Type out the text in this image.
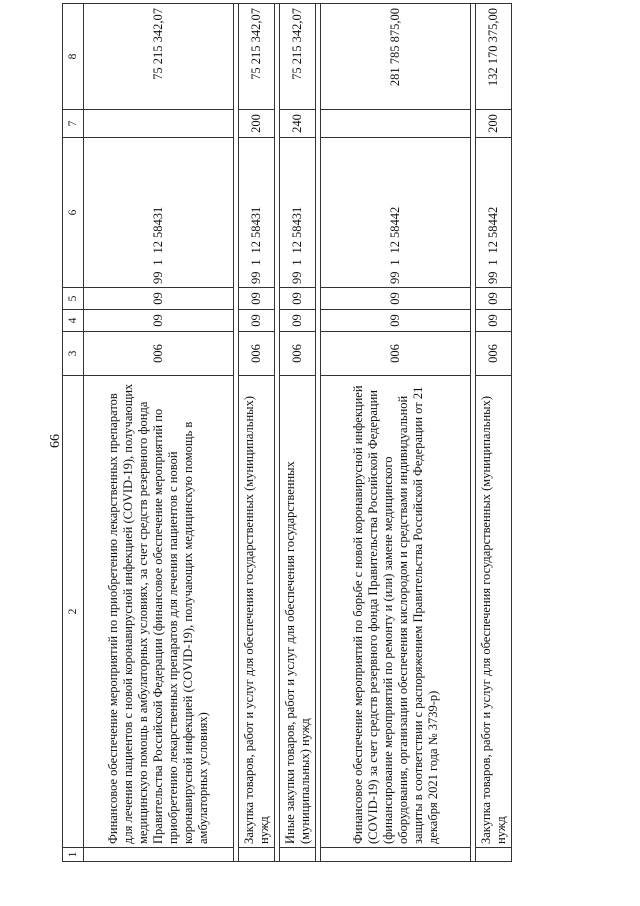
66
1	2	3	4	5	6	7	8
	Финансовое обеспечение мероприятий по приобретению лекарственных препаратов для лечения пациентов с новой коронавирусной инфекцией (COVID-19), получающих медицинскую помощь в амбулаторных условиях, за счет средств резервного фонда Правительства Российской Федерации (финансовое обеспечение мероприятий по приобретению лекарственных препаратов для лечения пациентов с новой коронавирусной инфекцией (COVID-19), получающих медицинскую помощь в амбулаторных условиях)	006	09	09	9911258431		75 215 342,07

	Закупка товаров, работ и услуг для обеспечения государственных (муниципальных) нужд	006	09	09	9911258431	200	75 215 342,07

	Иные закупки товаров, работ и услуг для обеспечения государственных (муниципальных) нужд	006	09	09	9911258431	240	75 215 342,07

	Финансовое обеспечение мероприятий по борьбе с новой коронавирусной инфекцией (COVID-19) за счет средств резервного фонда Правительства Российской Федерации (финансирование мероприятий по ремонту и (или) замене медицинского оборудования, организации обеспечения кислородом и средствами индивидуальной защиты в соответствии с распоряжением Правительства Российской Федерации от 21 декабря 2021 года № 3739-р)	006	09	09	9911258442		281 785 875,00

	Закупка товаров, работ и услуг для обеспечения государственных (муниципальных) нужд	006	09	09	9911258442	200	132 170 375,00
